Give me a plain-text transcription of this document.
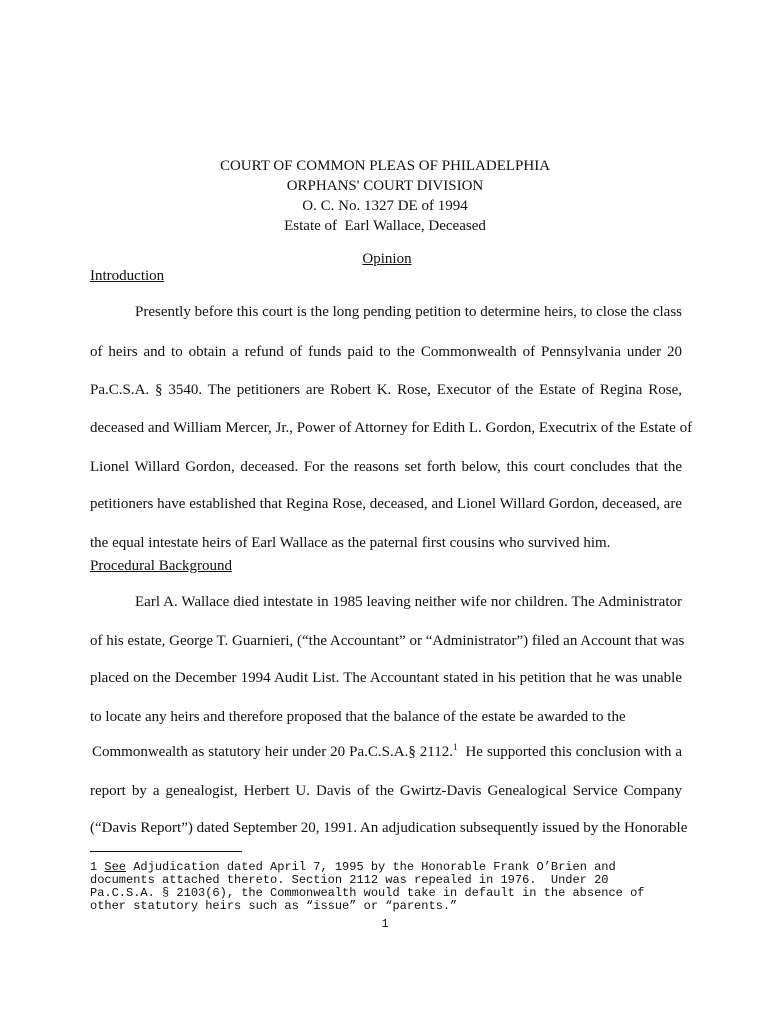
COURT OF COMMON PLEAS OF PHILADELPHIA
ORPHANS' COURT DIVISION
O. C. No. 1327 DE of 1994
Estate of  Earl Wallace, Deceased
Opinion
Introduction
Presently before this court is the long pending petition to determine heirs, to close the class
of heirs and to obtain a refund of funds paid to the Commonwealth of Pennsylvania under 20
Pa.C.S.A. § 3540. The petitioners are Robert K. Rose, Executor of the Estate of Regina Rose,
deceased and William Mercer, Jr., Power of Attorney for Edith L. Gordon, Executrix of the Estate of
Lionel Willard Gordon, deceased. For the reasons set forth below, this court concludes that the
petitioners have established that Regina Rose, deceased, and Lionel Willard Gordon, deceased, are
the equal intestate heirs of Earl Wallace as the paternal first cousins who survived him.
Procedural Background
Earl A. Wallace died intestate in 1985 leaving neither wife nor children. The Administrator
of his estate, George T. Guarnieri, (“the Accountant” or “Administrator”) filed an Account that was
placed on the December 1994 Audit List. The Accountant stated in his petition that he was unable
to locate any heirs and therefore proposed that the balance of the estate be awarded to the
Commonwealth as statutory heir under 20 Pa.C.S.A.§ 2112.$^1$  He supported this conclusion with a
report by a genealogist, Herbert U. Davis of the Gwirtz-Davis Genealogical Service Company
(“Davis Report”) dated September 20, 1991. An adjudication subsequently issued by the Honorable
1 See Adjudication dated April 7, 1995 by the Honorable Frank O’Brien and
documents attached thereto. Section 2112 was repealed in 1976.  Under 20
Pa.C.S.A. § 2103(6), the Commonwealth would take in default in the absence of
other statutory heirs such as “issue” or “parents.”
1
